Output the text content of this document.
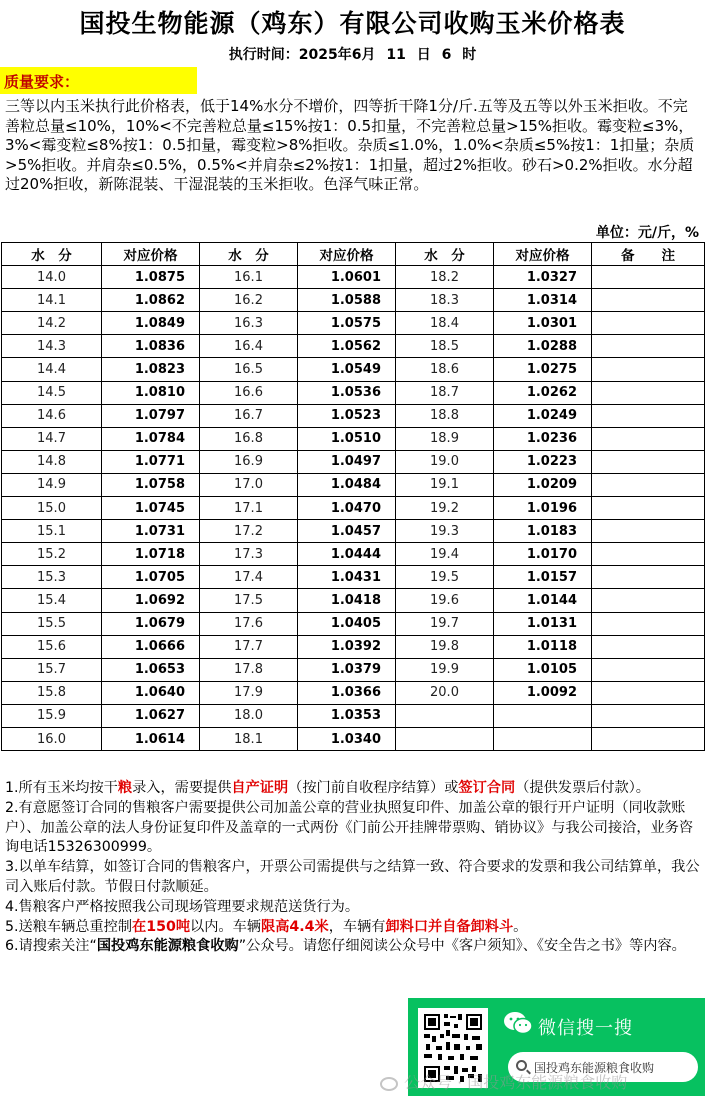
国投生物能源（鸡东）有限公司收购玉米价格表
执行时间：2025年6月 11 日 6 时
质量要求：
三等以内玉米执行此价格表，低于14%水分不增价，四等折干降1分/斤.五等及五等以外玉米拒收。不完善粒总量≤10%，10%<不完善粒总量≤15%按1：0.5扣量，不完善粒总量>15%拒收。霉变粒≤3%，3%<霉变粒≤8%按1：0.5扣量，霉变粒>8%拒收。杂质≤1.0%，1.0%<杂质≤5%按1：1扣量；杂质>5%拒收。并肩杂≤0.5%，0.5%<并肩杂≤2%按1：1扣量，超过2%拒收。砂石>0.2%拒收。水分超过20%拒收，新陈混装、干湿混装的玉米拒收。色泽气味正常。
单位：元/斤，%
水　分	对应价格	水　分	对应价格	水　分	对应价格	备　　注
14.0	1.0875	16.1	1.0601	18.2	1.0327	
14.1	1.0862	16.2	1.0588	18.3	1.0314	
14.2	1.0849	16.3	1.0575	18.4	1.0301	
14.3	1.0836	16.4	1.0562	18.5	1.0288	
14.4	1.0823	16.5	1.0549	18.6	1.0275	
14.5	1.0810	16.6	1.0536	18.7	1.0262	
14.6	1.0797	16.7	1.0523	18.8	1.0249	
14.7	1.0784	16.8	1.0510	18.9	1.0236	
14.8	1.0771	16.9	1.0497	19.0	1.0223	
14.9	1.0758	17.0	1.0484	19.1	1.0209	
15.0	1.0745	17.1	1.0470	19.2	1.0196	
15.1	1.0731	17.2	1.0457	19.3	1.0183	
15.2	1.0718	17.3	1.0444	19.4	1.0170	
15.3	1.0705	17.4	1.0431	19.5	1.0157	
15.4	1.0692	17.5	1.0418	19.6	1.0144	
15.5	1.0679	17.6	1.0405	19.7	1.0131	
15.6	1.0666	17.7	1.0392	19.8	1.0118	
15.7	1.0653	17.8	1.0379	19.9	1.0105	
15.8	1.0640	17.9	1.0366	20.0	1.0092	
15.9	1.0627	18.0	1.0353			
16.0	1.0614	18.1	1.0340			
1.所有玉米均按干粮录入，需要提供自产证明（按门前自收程序结算）或签订合同（提供发票后付款）。
2.有意愿签订合同的售粮客户需要提供公司加盖公章的营业执照复印件、加盖公章的银行开户证明（同收款账户）、加盖公章的法人身份证复印件及盖章的一式两份《门前公开挂牌带票购、销协议》与我公司接洽，业务咨询电话15326300999。
3.以单车结算，如签订合同的售粮客户，开票公司需提供与之结算一致、符合要求的发票和我公司结算单，我公司入账后付款。节假日付款顺延。
4.售粮客户严格按照我公司现场管理要求规范送货行为。
5.送粮车辆总重控制在150吨以内。车辆限高4.4米，车辆有卸料口并自备卸料斗。
6.请搜索关注“国投鸡东能源粮食收购”公众号。请您仔细阅读公众号中《客户须知》、《安全告之书》等内容。
微信搜一搜
国投鸡东能源粮食收购
公众号 · 国投鸡东能源粮食收购
